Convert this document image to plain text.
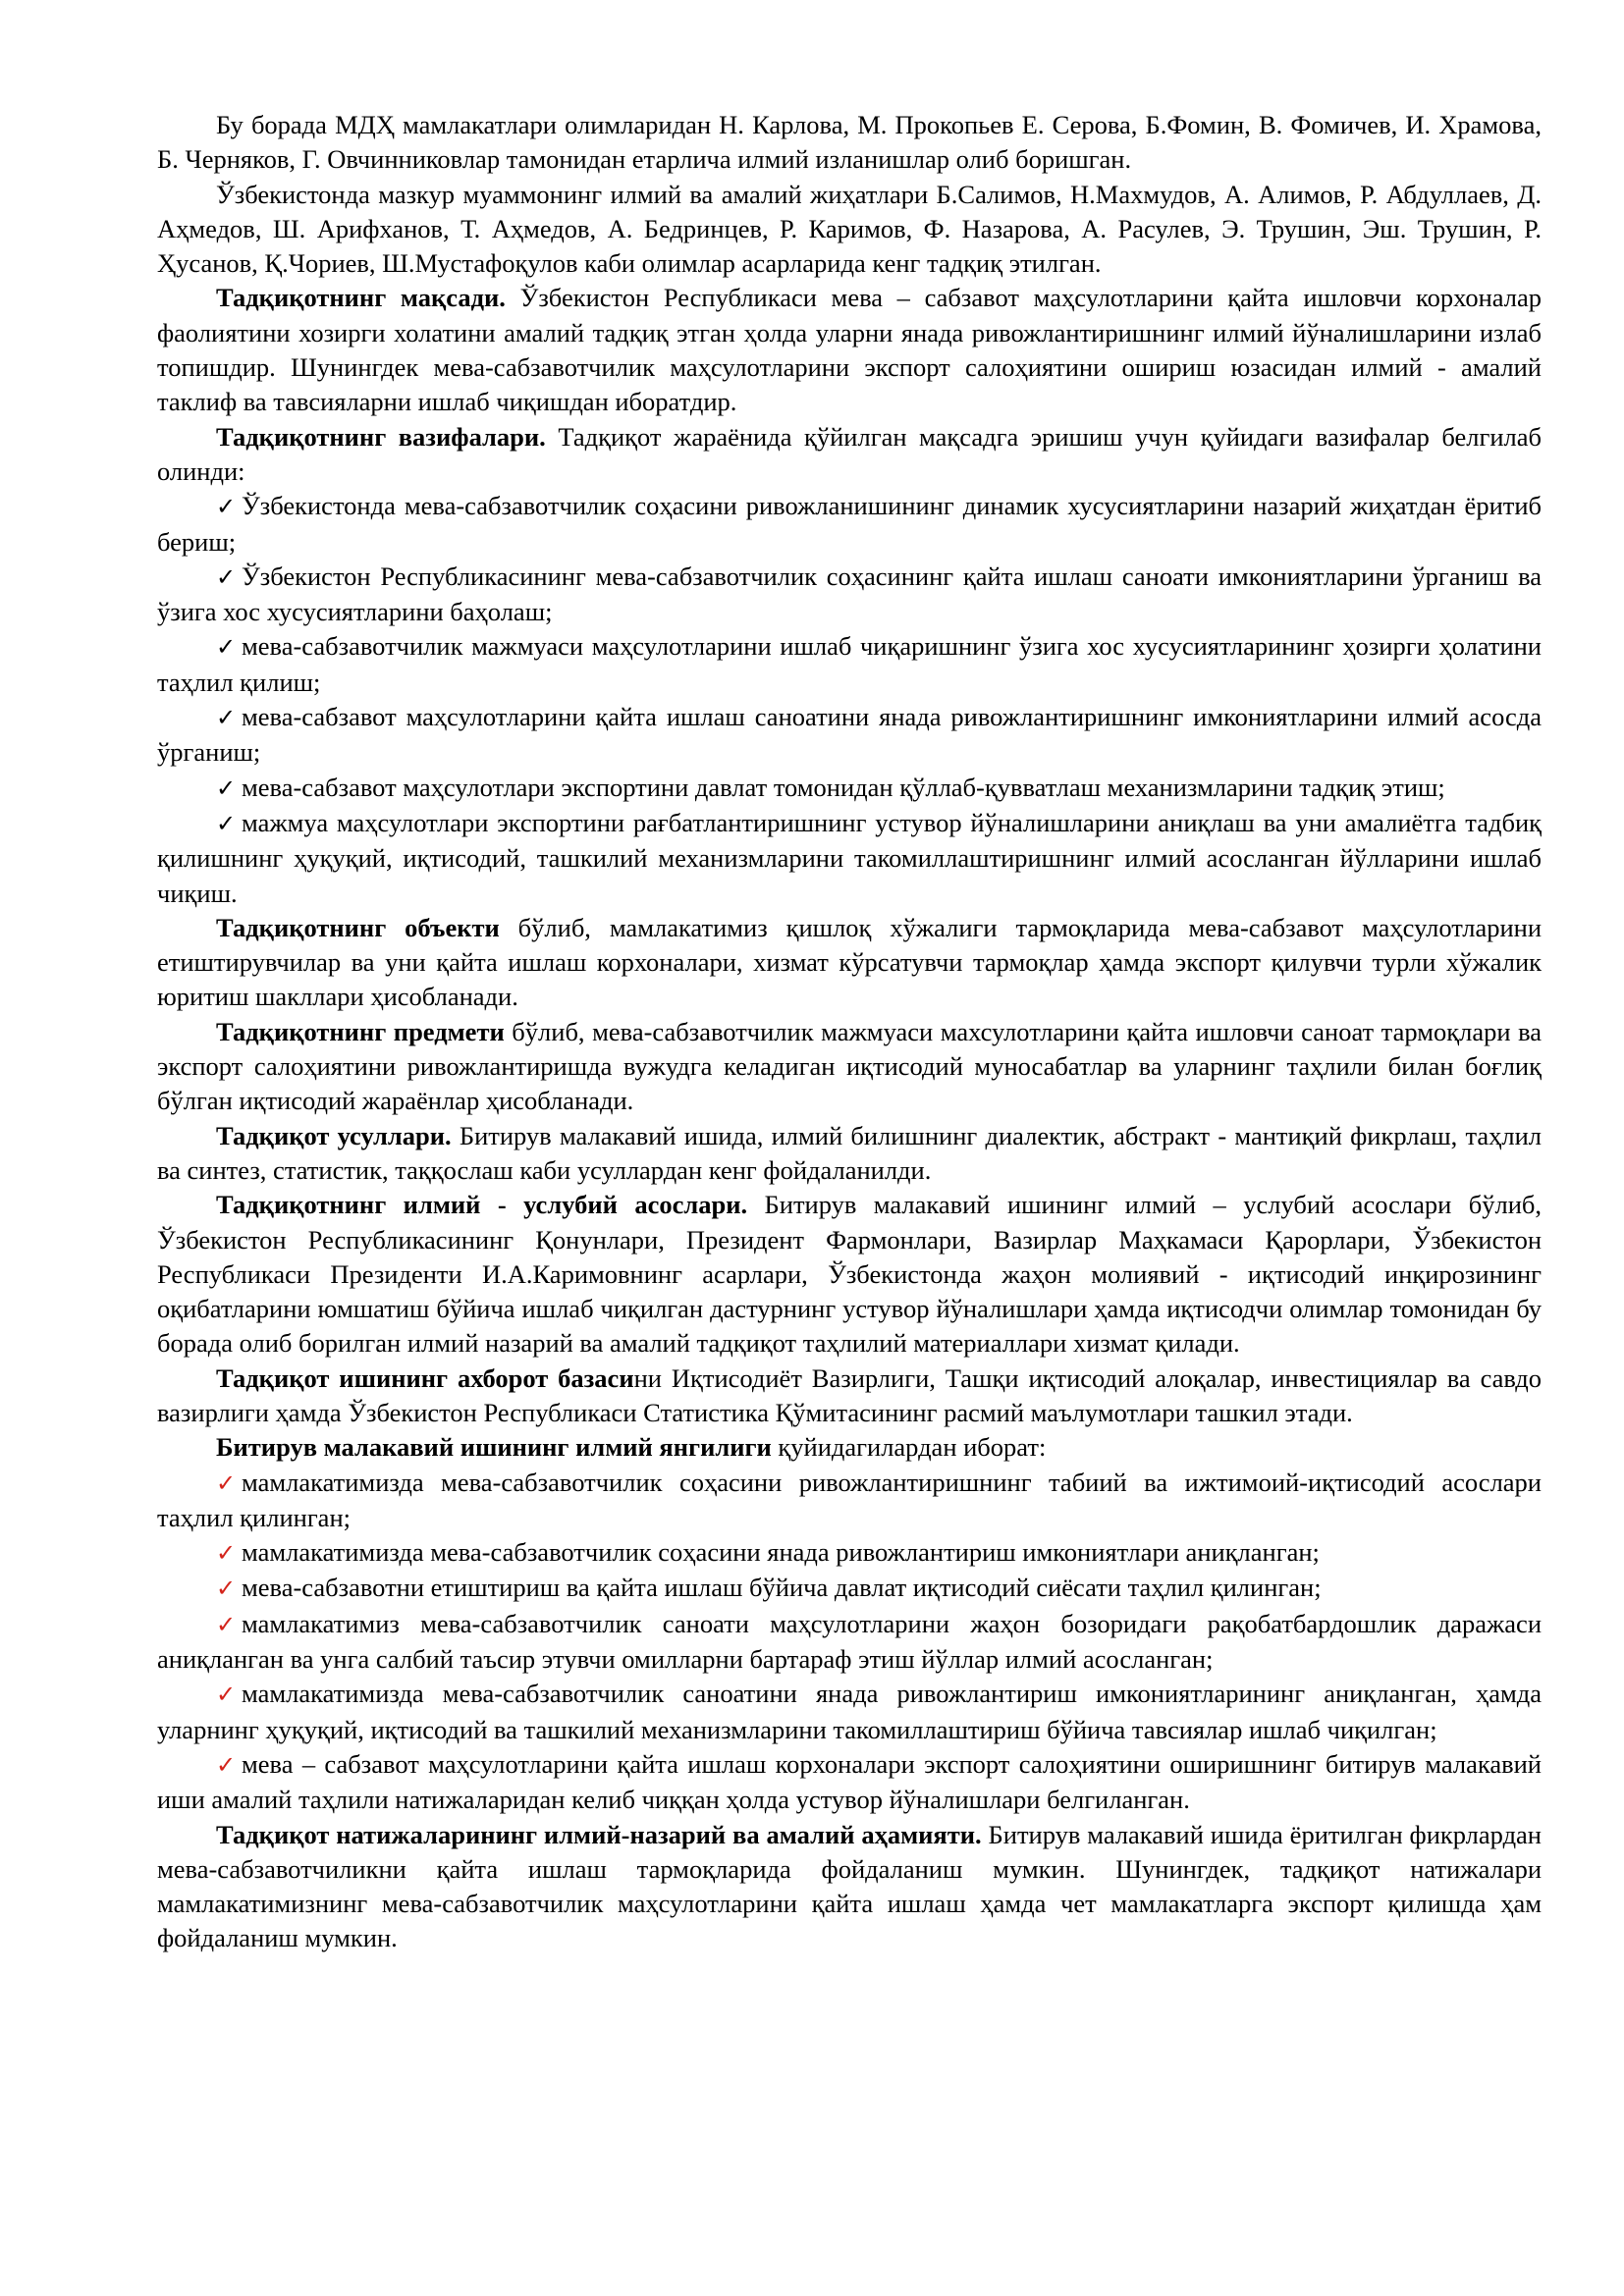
Бу борада МДҲ мамлакатлари олимларидан Н. Карлова, М. Прокопьев Е. Серова, Б.Фомин, В. Фомичев, И. Храмова, Б. Черняков, Г. Овчинниковлар тамонидан етарлича илмий изланишлар олиб боришган.

Ўзбекистонда мазкур муаммонинг илмий ва амалий жиҳатлари Б.Салимов, Н.Махмудов, А. Алимов, Р. Абдуллаев, Д. Аҳмедов, Ш. Арифханов, Т. Аҳмедов, А. Бедринцев, Р. Каримов, Ф. Назарова, А. Расулев, Э. Трушин, Эш. Трушин, Р. Ҳусанов, Қ.Чориев, Ш.Мустафоқулов каби олимлар асарларида кенг тадқиқ этилган.

Тадқиқотнинг мақсади. Ўзбекистон Республикаси мева – сабзавот маҳсулотларини қайта ишловчи корхоналар фаолиятини хозирги холатини амалий тадқиқ этган ҳолда уларни янада ривожлантиришнинг илмий йўналишларини излаб топишдир. Шунингдек мева-сабзавотчилик маҳсулотларини экспорт салоҳиятини ошириш юзасидан илмий - амалий таклиф ва тавсияларни ишлаб чиқишдан иборатдир.

Тадқиқотнинг вазифалари. Тадқиқот жараёнида қўйилган мақсадга эришиш учун қуйидаги вазифалар белгилаб олинди:

✓ Ўзбекистонда мева-сабзавотчилик соҳасини ривожланишининг динамик хусусиятларини назарий жиҳатдан ёритиб бериш;

✓ Ўзбекистон Республикасининг мева-сабзавотчилик соҳасининг қайта ишлаш саноати имкониятларини ўрганиш ва ўзига хос хусусиятларини баҳолаш;

✓ мева-сабзавотчилик мажмуаси маҳсулотларини ишлаб чиқаришнинг ўзига хос хусусиятларининг ҳозирги ҳолатини таҳлил қилиш;

✓ мева-сабзавот маҳсулотларини қайта ишлаш саноатини янада ривожлантиришнинг имкониятларини илмий асосда ўрганиш;

✓ мева-сабзавот маҳсулотлари экспортини давлат томонидан қўллаб-қувватлаш механизмларини тадқиқ этиш;

✓ мажмуа маҳсулотлари экспортини рағбатлантиришнинг устувор йўналишларини аниқлаш ва уни амалиётга тадбиқ қилишнинг ҳуқуқий, иқтисодий, ташкилий механизмларини такомиллаштиришнинг илмий асосланган йўлларини ишлаб чиқиш.

Тадқиқотнинг объекти бўлиб, мамлакатимиз қишлоқ хўжалиги тармоқларида мева-сабзавот маҳсулотларини етиштирувчилар ва уни қайта ишлаш корхоналари, хизмат кўрсатувчи тармоқлар ҳамда экспорт қилувчи турли хўжалик юритиш шакллари ҳисобланади.

Тадқиқотнинг предмети бўлиб, мева-сабзавотчилик мажмуаси махсулотларини қайта ишловчи саноат тармоқлари ва экспорт салоҳиятини ривожлантиришда вужудга келадиган иқтисодий муносабатлар ва уларнинг таҳлили билан боғлиқ бўлган иқтисодий жараёнлар ҳисобланади.

Тадқиқот усуллари. Битирув малакавий ишида, илмий билишнинг диалектик, абстракт - мантиқий фикрлаш, таҳлил ва синтез, статистик, таққослаш каби усуллардан кенг фойдаланилди.

Тадқиқотнинг илмий - услубий асослари. Битирув малакавий ишининг илмий – услубий асослари бўлиб, Ўзбекистон Республикасининг Қонунлари, Президент Фармонлари, Вазирлар Маҳкамаси Қарорлари, Ўзбекистон Республикаси Президенти И.А.Каримовнинг асарлари, Ўзбекистонда жаҳон молиявий - иқтисодий инқирозининг оқибатларини юмшатиш бўйича ишлаб чиқилган дастурнинг устувор йўналишлари ҳамда иқтисодчи олимлар томонидан бу борада олиб борилган илмий назарий ва амалий тадқиқот таҳлилий материаллари хизмат қилади.

Тадқиқот ишининг ахборот базасини Иқтисодиёт Вазирлиги, Ташқи иқтисодий алоқалар, инвестициялар ва савдо вазирлиги ҳамда Ўзбекистон Республикаси Статистика Қўмитасининг расмий маълумотлари ташкил этади.

Битирув малакавий ишининг илмий янгилиги қуйидагилардан иборат:

✓ мамлакатимизда мева-сабзавотчилик соҳасини ривожлантиришнинг табиий ва ижтимоий-иқтисодий асослари таҳлил қилинган;

✓ мамлакатимизда мева-сабзавотчилик соҳасини янада ривожлантириш имкониятлари аниқланган;

✓ мева-сабзавотни етиштириш ва қайта ишлаш бўйича давлат иқтисодий сиёсати таҳлил қилинган;

✓ мамлакатимиз мева-сабзавотчилик саноати маҳсулотларини жаҳон бозоридаги рақобатбардошлик даражаси аниқланган ва унга салбий таъсир этувчи омилларни бартараф этиш йўллар илмий асосланган;

✓ мамлакатимизда мева-сабзавотчилик саноатини янада ривожлантириш имкониятларининг аниқланган, ҳамда уларнинг ҳуқуқий, иқтисодий ва ташкилий механизмларини такомиллаштириш бўйича тавсиялар ишлаб чиқилган;

✓ мева – сабзавот маҳсулотларини қайта ишлаш корхоналари экспорт салоҳиятини оширишнинг битирув малакавий иши амалий таҳлили натижаларидан келиб чиққан ҳолда устувор йўналишлари белгиланган.

Тадқиқот натижаларининг илмий-назарий ва амалий аҳамияти. Битирув малакавий ишида ёритилган фикрлардан мева-сабзавотчиликни қайта ишлаш тармоқларида фойдаланиш мумкин. Шунингдек, тадқиқот натижалари мамлакатимизнинг мева-сабзавотчилик маҳсулотларини қайта ишлаш ҳамда чет мамлакатларга экспорт қилишда ҳам фойдаланиш мумкин.
